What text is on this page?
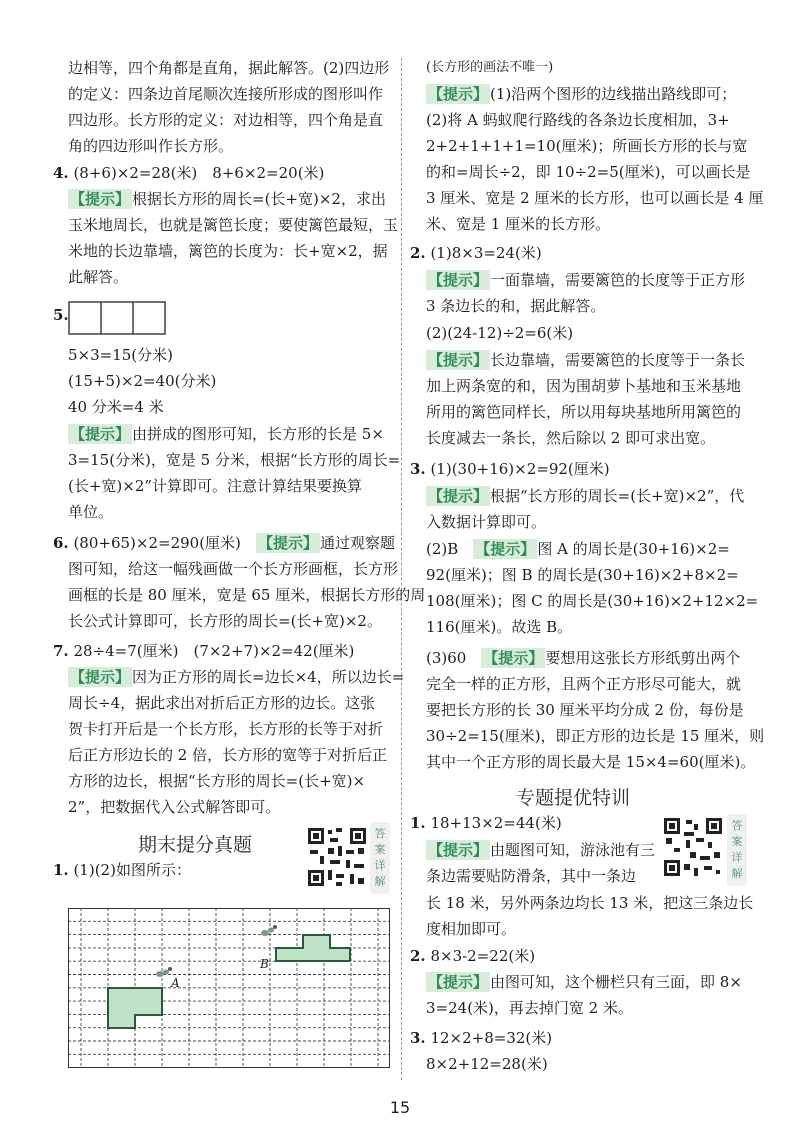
边相等，四个角都是直角，据此解答。(2)四边形
的定义：四条边首尾顺次连接所形成的图形叫作
四边形。长方形的定义：对边相等，四个角是直
角的四边形叫作长方形。
4. (8+6)×2=28(米)　8+6×2=20(米)
【提示】 根据长方形的周长=(长+宽)×2，求出
玉米地周长，也就是篱笆长度；要使篱笆最短，玉
米地的长边靠墙，篱笆的长度为：长+宽×2，据
此解答。
5.
5×3=15(分米)
(15+5)×2=40(分米)
40 分米=4 米
【提示】 由拼成的图形可知，长方形的长是 5×
3=15(分米)，宽是 5 分米，根据“长方形的周长=
(长+宽)×2”计算即可。注意计算结果要换算
单位。
6. (80+65)×2=290(厘米)　 【提示】 通过观察题
图可知，给这一幅残画做一个长方形画框，长方形
画框的长是 80 厘米，宽是 65 厘米，根据长方形的周
长公式计算即可，长方形的周长=(长+宽)×2。
7. 28÷4=7(厘米)　(7×2+7)×2=42(厘米)
【提示】 因为正方形的周长=边长×4，所以边长=
周长÷4，据此求出对折后正方形的边长。这张
贺卡打开后是一个长方形，长方形的长等于对折
后正方形边长的 2 倍，长方形的宽等于对折后正
方形的边长，根据“长方形的周长=(长+宽)×
2”，把数据代入公式解答即可。
期末提分真题
答
案
详
解
1. (1)(2)如图所示：
A
B
(长方形的画法不唯一)
【提示】 (1)沿两个图形的边线描出路线即可；
(2)将 A 蚂蚁爬行路线的各条边长度相加，3+
2+2+1+1+1=10(厘米)；所画长方形的长与宽
的和=周长÷2，即 10÷2=5(厘米)，可以画长是
3 厘米、宽是 2 厘米的长方形，也可以画长是 4 厘
米、宽是 1 厘米的长方形。
2. (1)8×3=24(米)
【提示】 一面靠墙，需要篱笆的长度等于正方形
3 条边长的和，据此解答。
(2)(24-12)÷2=6(米)
【提示】 长边靠墙，需要篱笆的长度等于一条长
加上两条宽的和，因为围胡萝卜基地和玉米基地
所用的篱笆同样长，所以用每块基地所用篱笆的
长度减去一条长，然后除以 2 即可求出宽。
3. (1)(30+16)×2=92(厘米)
【提示】 根据“长方形的周长=(长+宽)×2”，代
入数据计算即可。
(2)B　 【提示】 图 A 的周长是(30+16)×2=
92(厘米)；图 B 的周长是(30+16)×2+8×2=
108(厘米)；图 C 的周长是(30+16)×2+12×2=
116(厘米)。故选 B。
(3)60　 【提示】 要想用这张长方形纸剪出两个
完全一样的正方形，且两个正方形尽可能大，就
要把长方形的长 30 厘米平均分成 2 份，每份是
30÷2=15(厘米)，即正方形的边长是 15 厘米，则
其中一个正方形的周长最大是 15×4=60(厘米)。
专题提优特训
1. 18+13×2=44(米)	答
案
详
解
【提示】 由题图可知，游泳池有三
条边需要贴防滑条，其中一条边
长 18 米，另外两条边均长 13 米，把这三条边长
度相加即可。
2. 8×3-2=22(米)
【提示】 由图可知，这个栅栏只有三面，即 8×
3=24(米)，再去掉门宽 2 米。
3. 12×2+8=32(米)
8×2+12=28(米)
15
